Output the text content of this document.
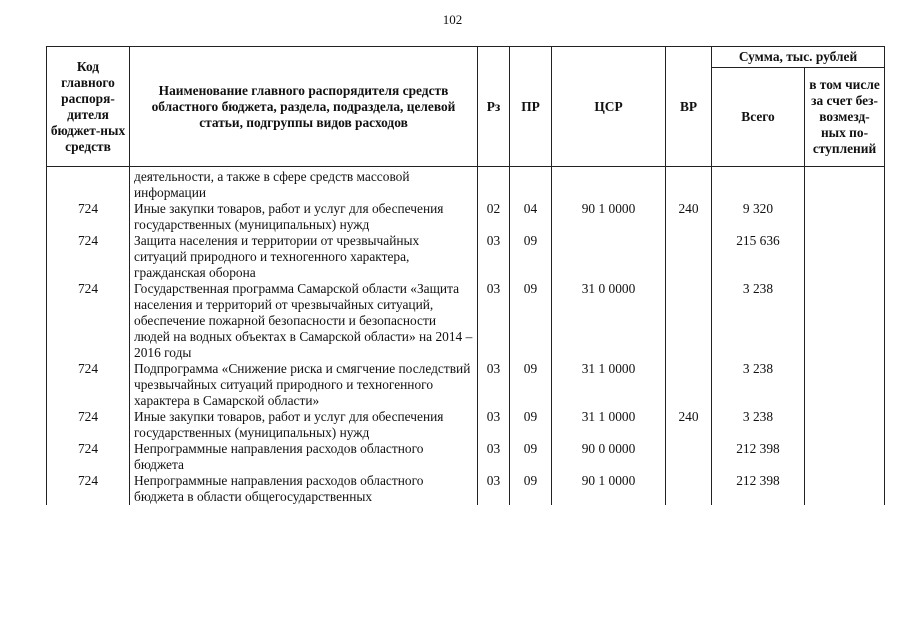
102
Код главного распоря-дителя бюджет-ных средств	Наименование главного распорядителя средств областного бюджета, раздела, подраздела, целевой статьи, подгруппы видов расходов	Рз	ПР	ЦСР	ВР	Сумма, тыс. рублей	
						Всего	в том числе за счет без-возмезд-ных по-ступлений
	деятельности, а также в сфере средств массовой информации						
724	Иные закупки товаров, работ и услуг для обеспечения государственных (муниципальных) нужд	02	04	90 1 0000	240	9 320	
724	Защита населения и территории от чрезвычайных ситуаций природного и техногенного характера, гражданская оборона	03	09			215 636	
724	Государственная программа Самарской области «Защита населения и территорий от чрезвычайных ситуаций, обеспечение пожарной безопасности и безопасности людей на водных объектах в Самарской области» на 2014 – 2016 годы	03	09	31 0 0000		3 238	
724	Подпрограмма «Снижение риска и смягчение последствий чрезвычайных ситуаций природного и техногенного характера в Самарской области»	03	09	31 1 0000		3 238	
724	Иные закупки товаров, работ и услуг для обеспечения государственных (муниципальных) нужд	03	09	31 1 0000	240	3 238	
724	Непрограммные направления расходов областного бюджета	03	09	90 0 0000		212 398	
724	Непрограммные направления расходов областного бюджета в области общегосударственных	03	09	90 1 0000		212 398	
